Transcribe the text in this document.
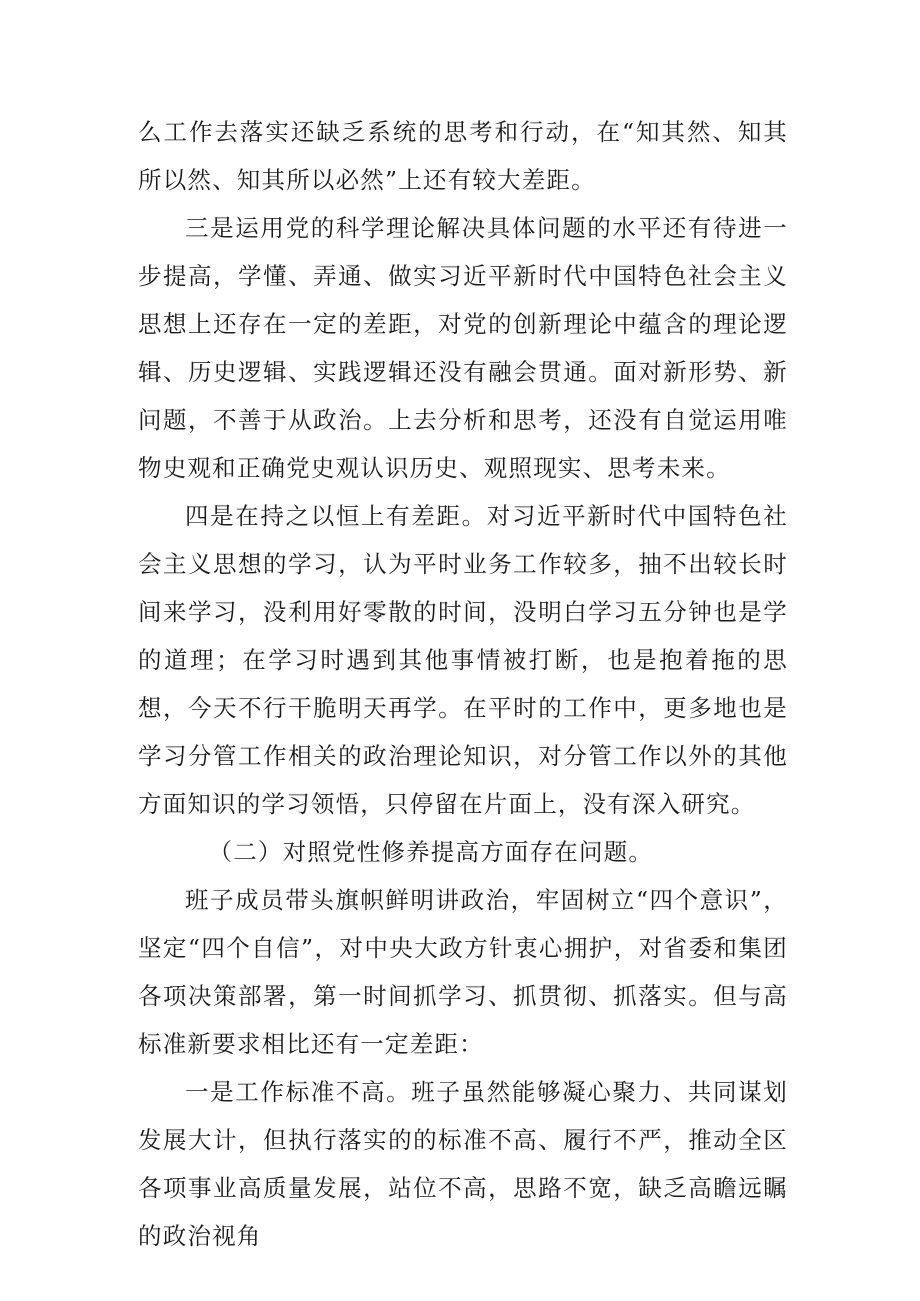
么工作去落实还缺乏系统的思考和行动，在“知其然、知其所以然、知其所以必然”上还有较大差距。

三是运用党的科学理论解决具体问题的水平还有待进一步提高，学懂、弄通、做实习近平新时代中国特色社会主义思想上还存在一定的差距，对党的创新理论中蕴含的理论逻辑、历史逻辑、实践逻辑还没有融会贯通。面对新形势、新问题，不善于从政治。上去分析和思考，还没有自觉运用唯物史观和正确党史观认识历史、观照现实、思考未来。

四是在持之以恒上有差距。对习近平新时代中国特色社会主义思想的学习，认为平时业务工作较多，抽不出较长时间来学习，没利用好零散的时间，没明白学习五分钟也是学的道理；在学习时遇到其他事情被打断，也是抱着拖的思想，今天不行干脆明天再学。在平时的工作中，更多地也是学习分管工作相关的政治理论知识，对分管工作以外的其他方面知识的学习领悟，只停留在片面上，没有深入研究。

（二）对照党性修养提高方面存在问题。

班子成员带头旗帜鲜明讲政治，牢固树立“四个意识”，坚定“四个自信”，对中央大政方针衷心拥护，对省委和集团各项决策部署，第一时间抓学习、抓贯彻、抓落实。但与高标准新要求相比还有一定差距：

一是工作标准不高。班子虽然能够凝心聚力、共同谋划发展大计，但执行落实的的标准不高、履行不严，推动全区各项事业高质量发展，站位不高，思路不宽，缺乏高瞻远瞩的政治视角
